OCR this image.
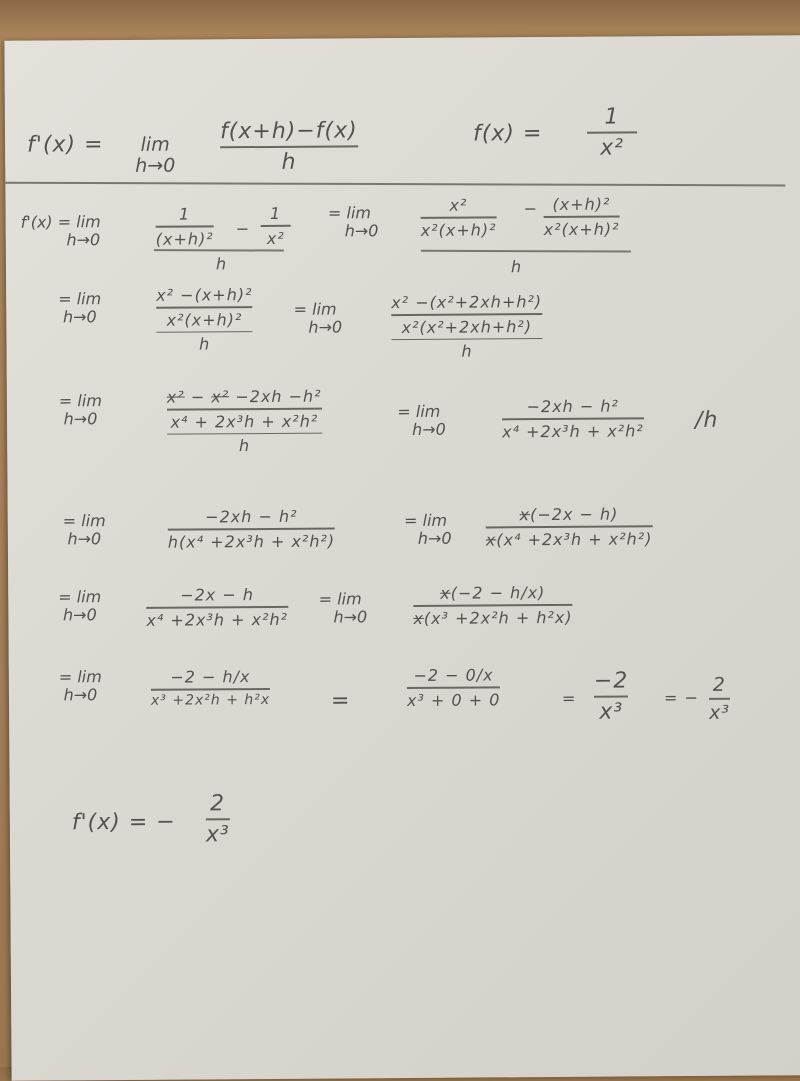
f'(x) = lim
h→0
f(x+h)−f(x)
h
f(x) =
1
x²
f'(x) = lim
h→0
1
(x+h)²
−
1
x²
h
= lim
h→0
x²
x²(x+h)²
− (x+h)²
x²(x+h)²
h
= lim
h→0
x² −(x+h)²
x²(x+h)²
h
= lim
h→0
x² −(x²+2xh+h²)
x²(x²+2xh+h²)
h
= lim
h→0
x² − x² −2xh −h²
x⁴ + 2x³h + x²h²
h
= lim
h→0
−2xh − h²
x⁴ +2x³h + x²h² /h
= lim
h→0
−2xh − h²
h(x⁴ +2x³h + x²h²)
= lim
h→0
x(−2x − h)
x(x⁴ +2x³h + x²h²)
= lim
h→0
−2x − h
x⁴ +2x³h + x²h²
= lim
h→0
x(−2 − h/x)
x(x³ +2x²h + h²x)
= lim
h→0
−2 − h/x
x³ +2x²h + h²x	=
−2 − 0/x
x³ + 0 + 0	=
−2
x³
= −
2
x³
f'(x) = −
2
x³
